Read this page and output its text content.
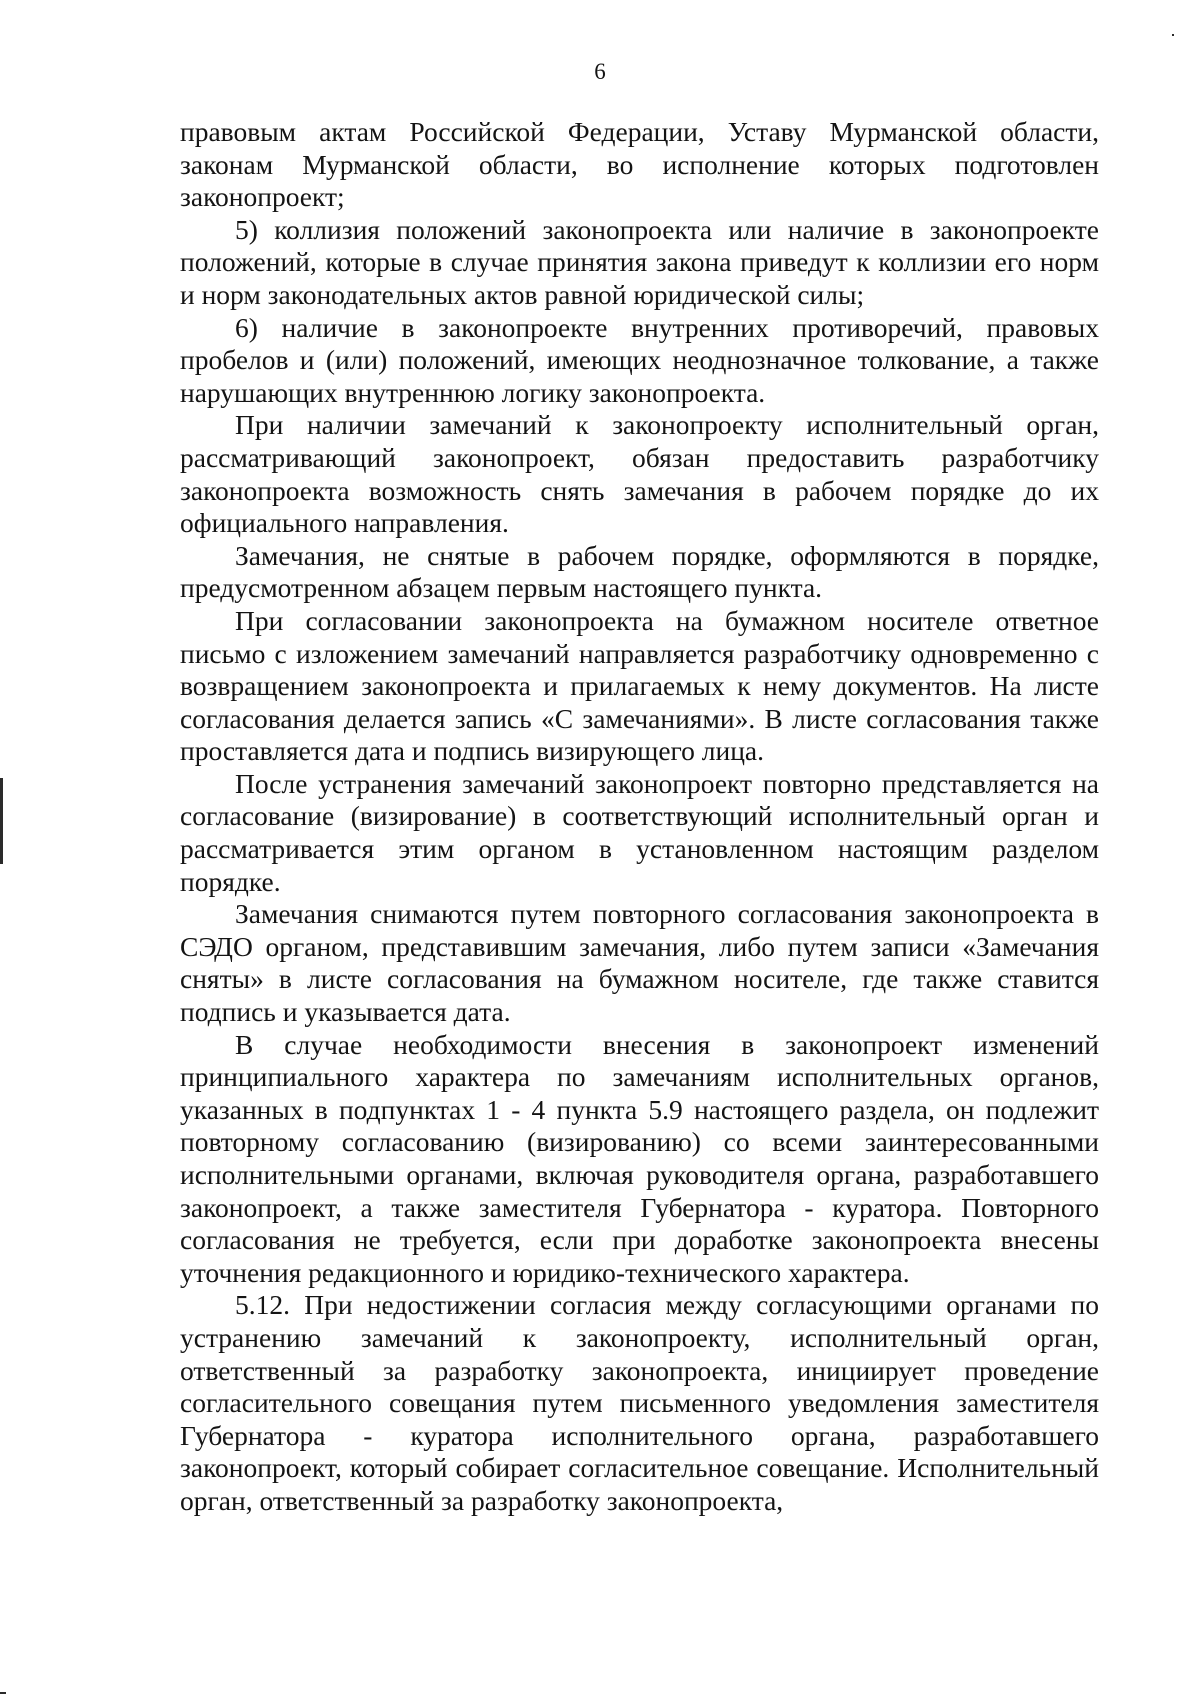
6

правовым актам Российской Федерации, Уставу Мурманской области, законам Мурманской области, во исполнение которых подготовлен законопроект;

5) коллизия положений законопроекта или наличие в законопроекте положений, которые в случае принятия закона приведут к коллизии его норм и норм законодательных актов равной юридической силы;

6) наличие в законопроекте внутренних противоречий, правовых пробелов и (или) положений, имеющих неоднозначное толкование, а также нарушающих внутреннюю логику законопроекта.

При наличии замечаний к законопроекту исполнительный орган, рассматривающий законопроект, обязан предоставить разработчику законопроекта возможность снять замечания в рабочем порядке до их официального направления.

Замечания, не снятые в рабочем порядке, оформляются в порядке, предусмотренном абзацем первым настоящего пункта.

При согласовании законопроекта на бумажном носителе ответное письмо с изложением замечаний направляется разработчику одновременно с возвращением законопроекта и прилагаемых к нему документов. На листе согласования делается запись «С замечаниями». В листе согласования также проставляется дата и подпись визирующего лица.

После устранения замечаний законопроект повторно представляется на согласование (визирование) в соответствующий исполнительный орган и рассматривается этим органом в установленном настоящим разделом порядке.

Замечания снимаются путем повторного согласования законопроекта в СЭДО органом, представившим замечания, либо путем записи «Замечания сняты» в листе согласования на бумажном носителе, где также ставится подпись и указывается дата.

В случае необходимости внесения в законопроект изменений принципиального характера по замечаниям исполнительных органов, указанных в подпунктах 1 - 4 пункта 5.9 настоящего раздела, он подлежит повторному согласованию (визированию) со всеми заинтересованными исполнительными органами, включая руководителя органа, разработавшего законопроект, а также заместителя Губернатора - куратора. Повторного согласования не требуется, если при доработке законопроекта внесены уточнения редакционного и юридико-технического характера.

5.12. При недостижении согласия между согласующими органами по устранению замечаний к законопроекту, исполнительный орган, ответственный за разработку законопроекта, инициирует проведение согласительного совещания путем письменного уведомления заместителя Губернатора - куратора исполнительного органа, разработавшего законопроект, который собирает согласительное совещание. Исполнительный орган, ответственный за разработку законопроекта,
